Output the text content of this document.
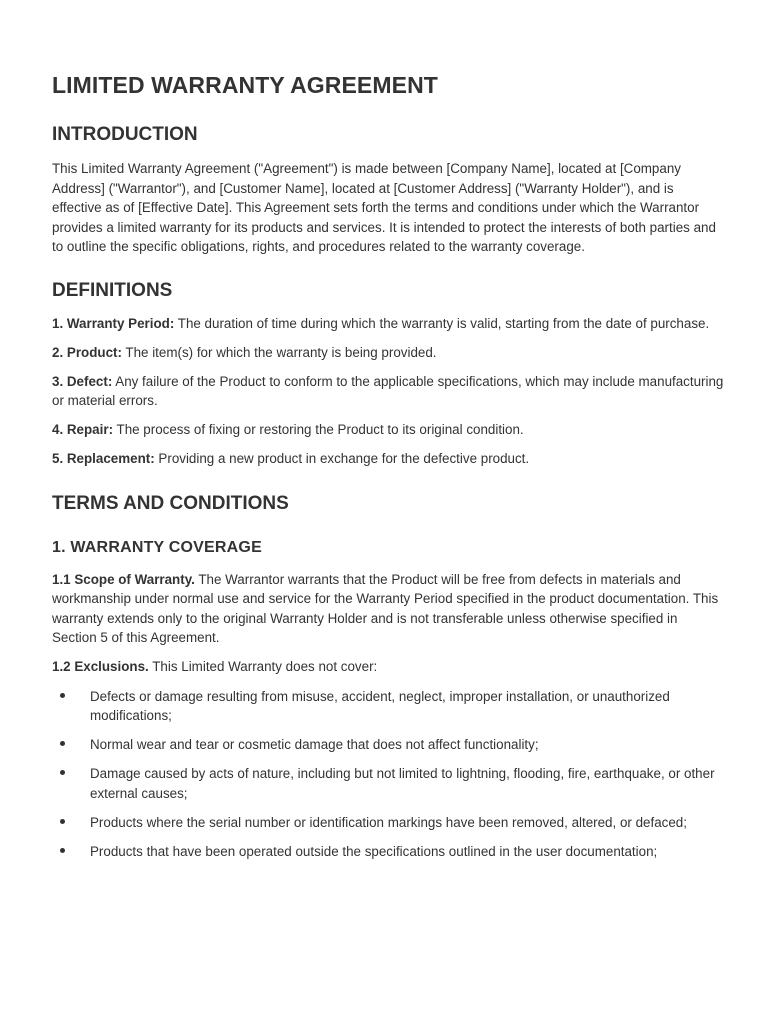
LIMITED WARRANTY AGREEMENT
INTRODUCTION

This Limited Warranty Agreement ("Agreement") is made between [Company Name], located at [Company Address] ("Warrantor"), and [Customer Name], located at [Customer Address] ("Warranty Holder"), and is effective as of [Effective Date]. This Agreement sets forth the terms and conditions under which the Warrantor provides a limited warranty for its products and services. It is intended to protect the interests of both parties and to outline the specific obligations, rights, and procedures related to the warranty coverage.

DEFINITIONS

1. Warranty Period: The duration of time during which the warranty is valid, starting from the date of purchase.

2. Product: The item(s) for which the warranty is being provided.

3. Defect: Any failure of the Product to conform to the applicable specifications, which may include manufacturing or material errors.

4. Repair: The process of fixing or restoring the Product to its original condition.

5. Replacement: Providing a new product in exchange for the defective product.

TERMS AND CONDITIONS
1. WARRANTY COVERAGE

1.1 Scope of Warranty. The Warrantor warrants that the Product will be free from defects in materials and workmanship under normal use and service for the Warranty Period specified in the product documentation. This warranty extends only to the original Warranty Holder and is not transferable unless otherwise specified in Section 5 of this Agreement.

1.2 Exclusions. This Limited Warranty does not cover:

Defects or damage resulting from misuse, accident, neglect, improper installation, or unauthorized modifications;
Normal wear and tear or cosmetic damage that does not affect functionality;
Damage caused by acts of nature, including but not limited to lightning, flooding, fire, earthquake, or other external causes;
Products where the serial number or identification markings have been removed, altered, or defaced;
Products that have been operated outside the specifications outlined in the user documentation;
